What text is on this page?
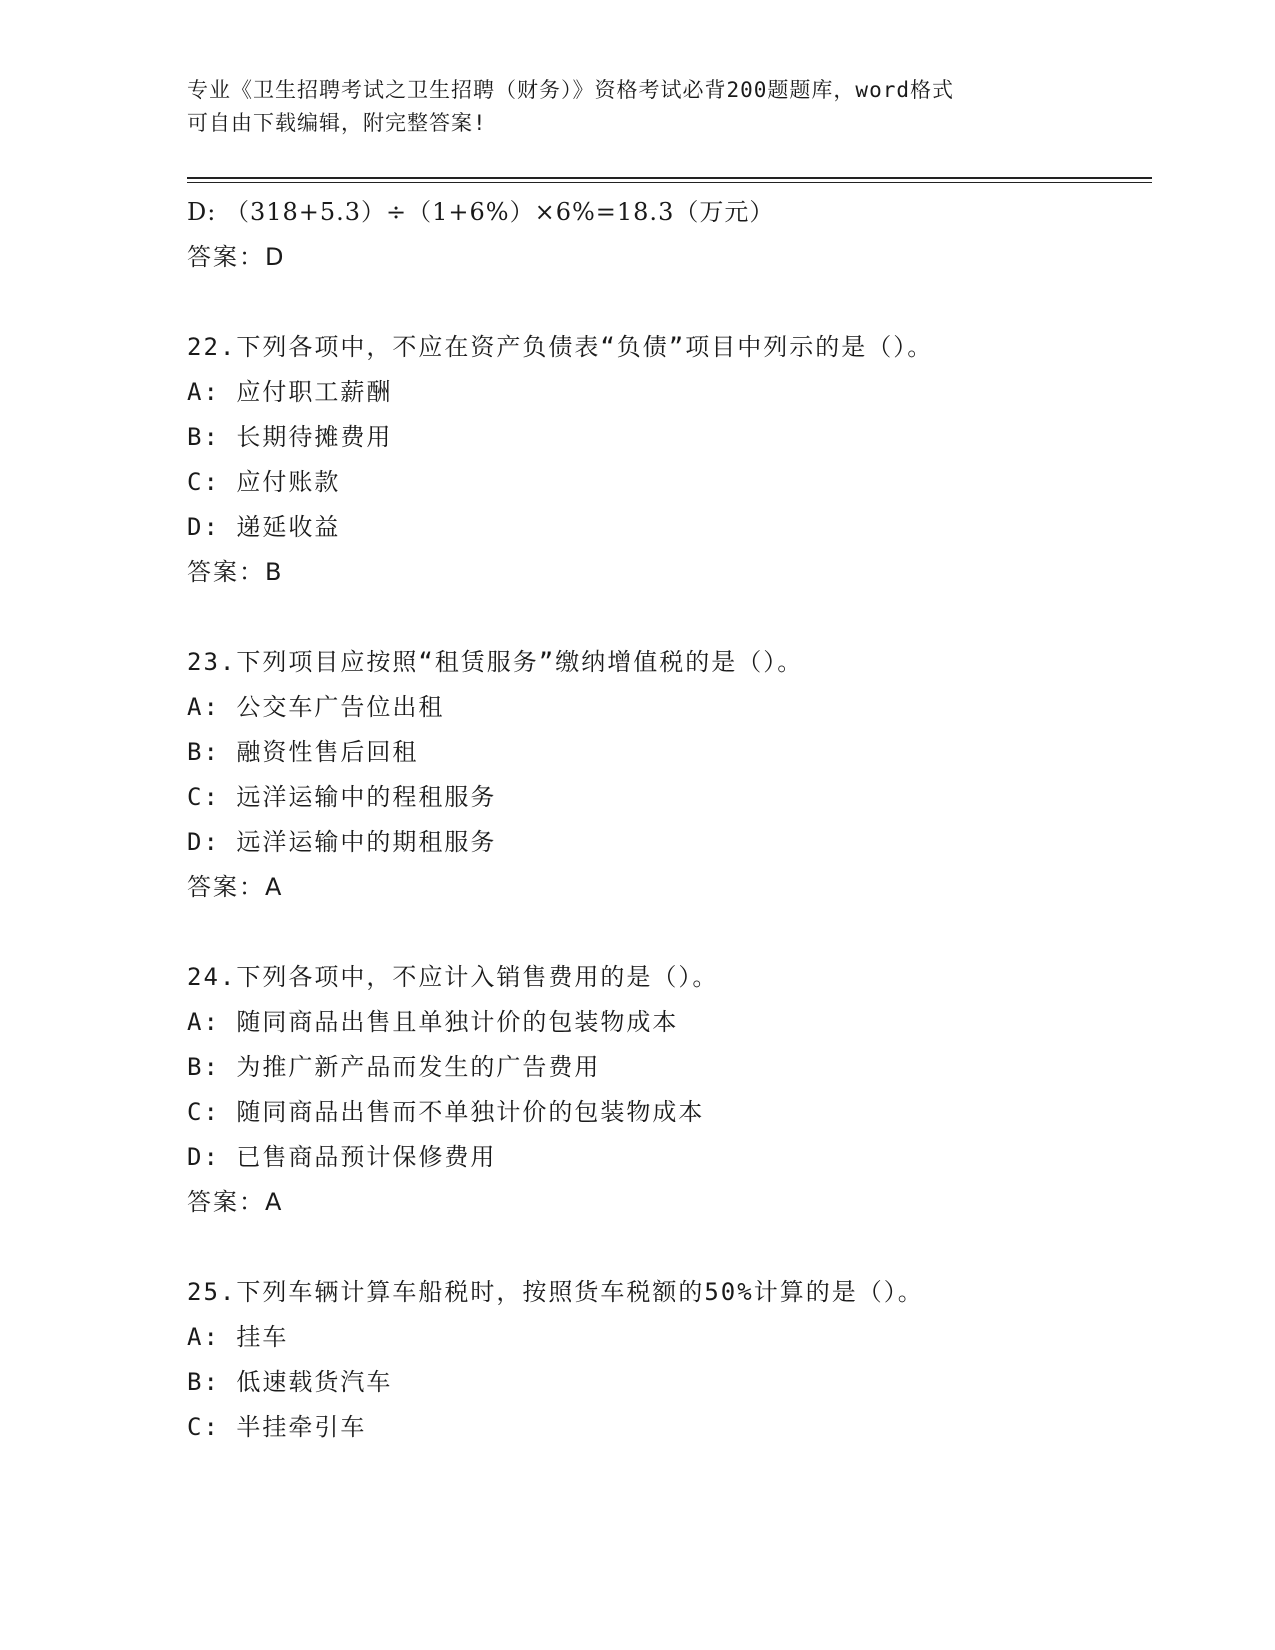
专业《卫生招聘考试之卫生招聘（财务）》资格考试必背200题题库，word格式
可自由下载编辑，附完整答案!
D: （318+5.3）÷（1+6%）×6%=18.3（万元）
答案：D
22.下列各项中，不应在资产负债表“负债”项目中列示的是（）。
A: 应付职工薪酬
B: 长期待摊费用
C: 应付账款
D: 递延收益
答案：B
23.下列项目应按照“租赁服务”缴纳增值税的是（）。
A: 公交车广告位出租
B: 融资性售后回租
C: 远洋运输中的程租服务
D: 远洋运输中的期租服务
答案：A
24.下列各项中，不应计入销售费用的是（）。
A: 随同商品出售且单独计价的包装物成本
B: 为推广新产品而发生的广告费用
C: 随同商品出售而不单独计价的包装物成本
D: 已售商品预计保修费用
答案：A
25.下列车辆计算车船税时，按照货车税额的50%计算的是（）。
A: 挂车
B: 低速载货汽车
C: 半挂牵引车
